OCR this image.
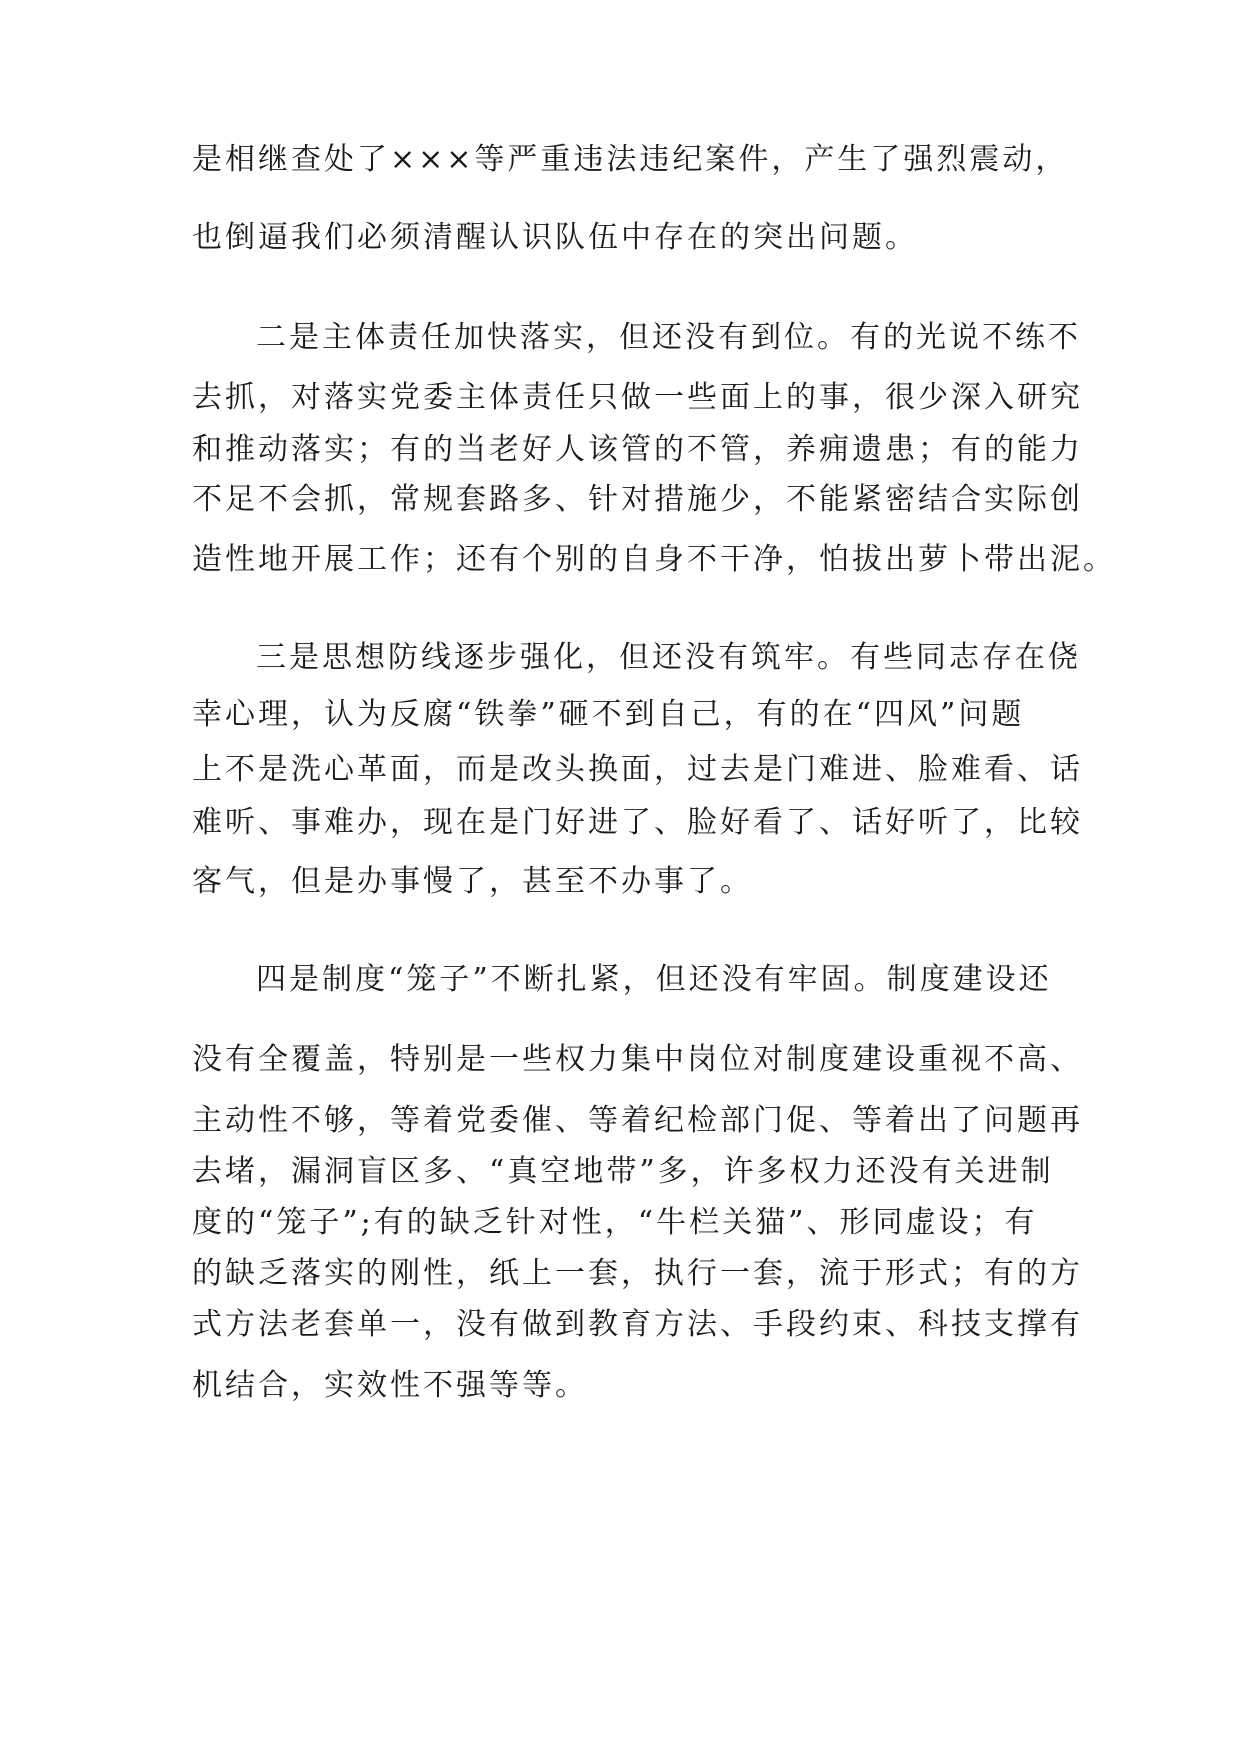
是相继查处了×××等严重违法违纪案件，产生了强烈震动，

也倒逼我们必须清醒认识队伍中存在的突出问题。

二是主体责任加快落实，但还没有到位。有的光说不练不

去抓，对落实党委主体责任只做一些面上的事，很少深入研究

和推动落实；有的当老好人该管的不管，养痈遗患；有的能力

不足不会抓，常规套路多、针对措施少，不能紧密结合实际创

造性地开展工作；还有个别的自身不干净，怕拔出萝卜带出泥。

三是思想防线逐步强化，但还没有筑牢。有些同志存在侥

幸心理，认为反腐“铁拳”砸不到自己，有的在“四风”问题

上不是洗心革面，而是改头换面，过去是门难进、脸难看、话

难听、事难办，现在是门好进了、脸好看了、话好听了，比较

客气，但是办事慢了，甚至不办事了。

四是制度“笼子”不断扎紧，但还没有牢固。制度建设还

没有全覆盖，特别是一些权力集中岗位对制度建设重视不高、

主动性不够，等着党委催、等着纪检部门促、等着出了问题再

去堵，漏洞盲区多、“真空地带”多，许多权力还没有关进制

度的“笼子”;有的缺乏针对性，“牛栏关猫”、形同虚设；有

的缺乏落实的刚性，纸上一套，执行一套，流于形式；有的方

式方法老套单一，没有做到教育方法、手段约束、科技支撑有

机结合，实效性不强等等。
